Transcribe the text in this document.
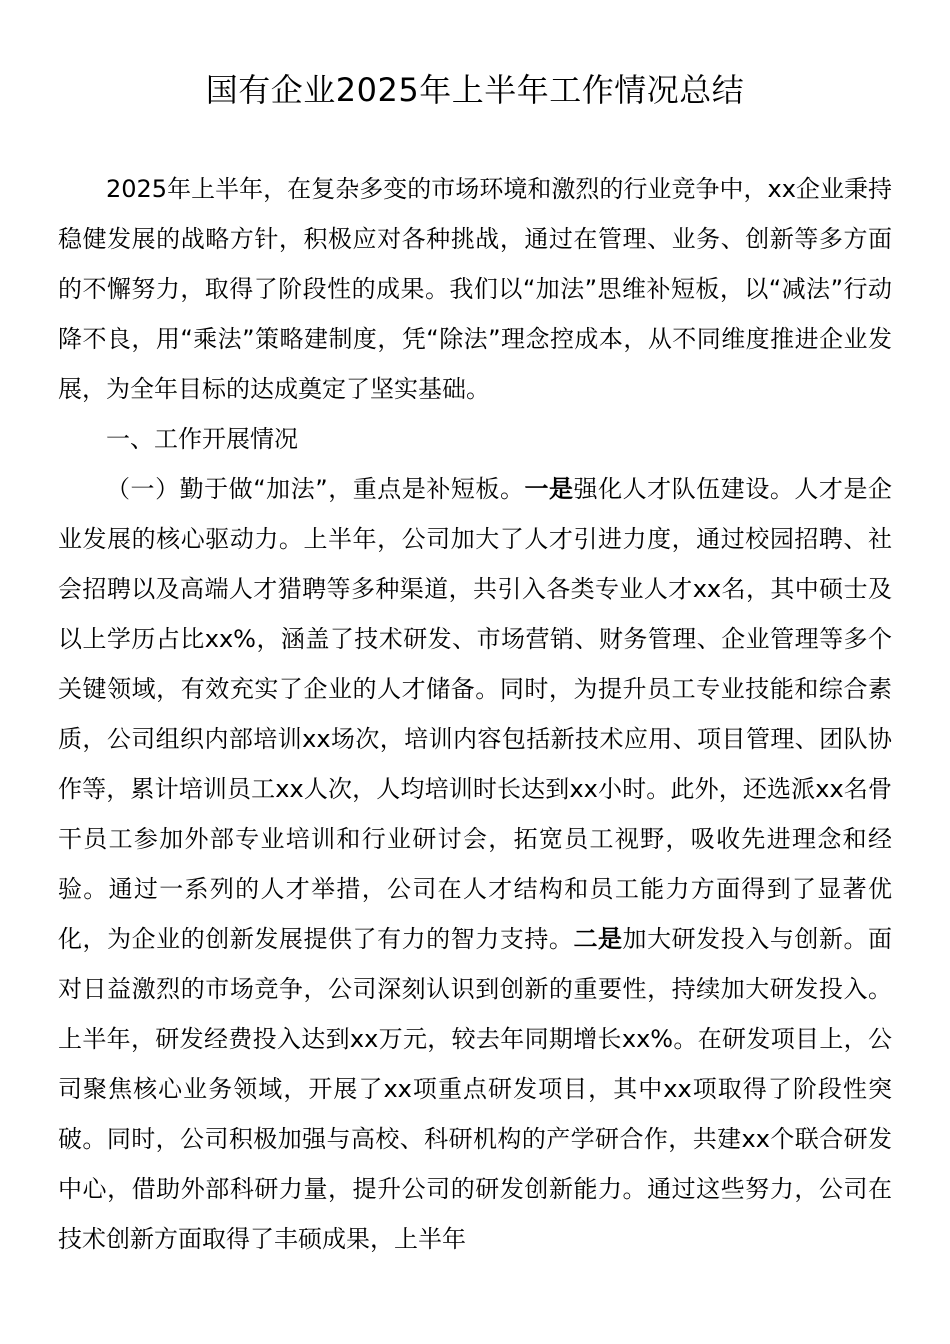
国有企业2025年上半年工作情况总结

2025年上半年，在复杂多变的市场环境和激烈的行业竞争中，xx企业秉持稳健发展的战略方针，积极应对各种挑战，通过在管理、业务、创新等多方面的不懈努力，取得了阶段性的成果。我们以“加法”思维补短板，以“减法”行动降不良，用“乘法”策略建制度，凭“除法”理念控成本，从不同维度推进企业发展，为全年目标的达成奠定了坚实基础。

一、工作开展情况

（一）勤于做“加法”，重点是补短板。一是强化人才队伍建设。人才是企业发展的核心驱动力。上半年，公司加大了人才引进力度，通过校园招聘、社会招聘以及高端人才猎聘等多种渠道，共引入各类专业人才xx名，其中硕士及以上学历占比xx%，涵盖了技术研发、市场营销、财务管理、企业管理等多个关键领域，有效充实了企业的人才储备。同时，为提升员工专业技能和综合素质，公司组织内部培训xx场次，培训内容包括新技术应用、项目管理、团队协作等，累计培训员工xx人次，人均培训时长达到xx小时。此外，还选派xx名骨干员工参加外部专业培训和行业研讨会，拓宽员工视野，吸收先进理念和经验。通过一系列的人才举措，公司在人才结构和员工能力方面得到了显著优化，为企业的创新发展提供了有力的智力支持。二是加大研发投入与创新。面对日益激烈的市场竞争，公司深刻认识到创新的重要性，持续加大研发投入。上半年，研发经费投入达到xx万元，较去年同期增长xx%。在研发项目上，公司聚焦核心业务领域，开展了xx项重点研发项目，其中xx项取得了阶段性突破。同时，公司积极加强与高校、科研机构的产学研合作，共建xx个联合研发中心，借助外部科研力量，提升公司的研发创新能力。通过这些努力，公司在技术创新方面取得了丰硕成果，上半年
